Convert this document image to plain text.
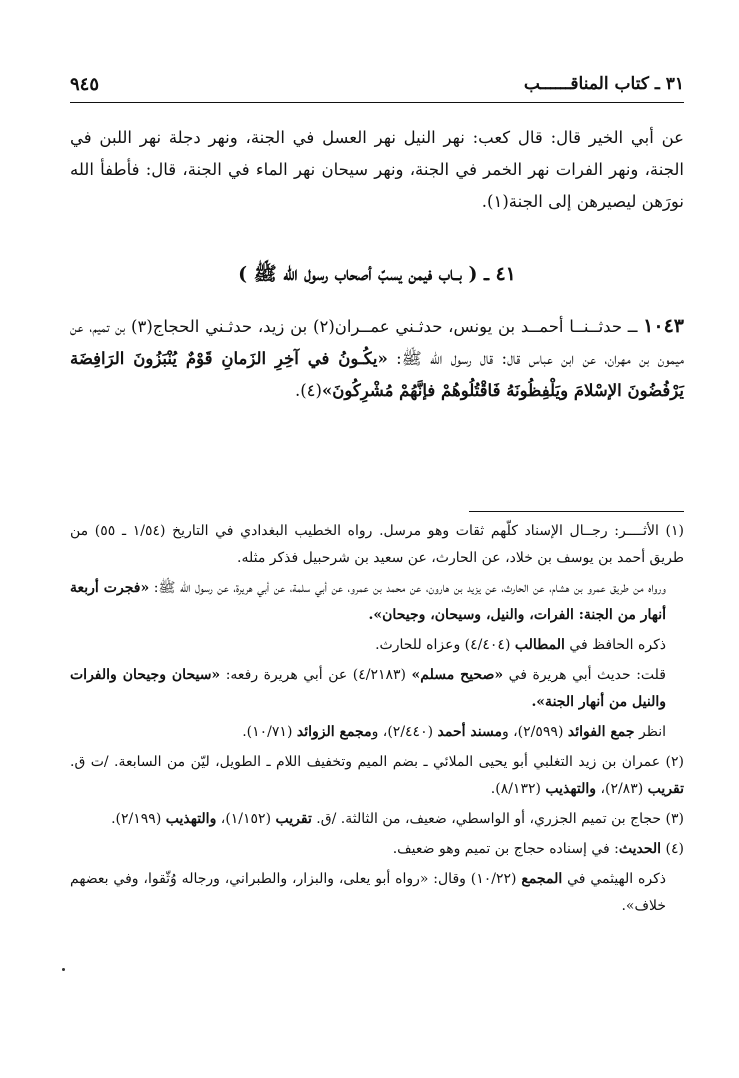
٣١ ـ كتاب المناقــــــب
٩٤٥
عن أبي الخير قال: قال كعب: نهر النيل نهر العسل في الجنة، ونهر دجلة نهر اللبن في الجنة، ونهر الفرات نهر الخمر في الجنة، ونهر سيحان نهر الماء في الجنة، قال: فأطفأ الله نورَهن ليصيرهن إلى الجنة(١).
٤١ ــ ( بــاب فيمن يسبّ أصحاب رسول الله ﷺ )
١٠٤٣ ــ حدثــنــا أحمــد بن يونس، حدثـني عمــران(٢) بن زيد، حدثـني الحجاج(٣) بن تميم، عن ميمون بن مهران، عن ابن عباس قال: قال رسول الله ﷺ: «يكُـونُ في آخِرِ الزَمانِ قَوْمٌ يُنْبَزُونَ الرَافِضَة يَرْفُضُونَ الإسْلامَ ويَلْفِظُونَهُ فَاقْتُلُوهُمْ فإنَّهُمْ مُشْرِكُونَ»(٤).

(١) الأثــــر: رجــال الإسناد كلّهم ثقات وهو مرسل. رواه الخطيب البغدادي في التاريخ (١/٥٤ ـ ٥٥) من طريق أحمد بن يوسف بن خلاد، عن الحارث، عن سعيد بن شرحبيل فذكر مثله.

ورواه من طريق عمرو بن هشام، عن الحارث، عن يزيد بن هارون، عن محمد بن عمرو، عن أبي سلمة، عن أبي هريرة، عن رسول الله ﷺ: «فجرت أربعة أنهار من الجنة: الفرات، والنيل، وسيحان، وجيحان».

ذكره الحافظ في المطالب (٤/٤٠٤) وعزاه للحارث.

قلت: حديث أبي هريرة في «صحيح مسلم» (٤/٢١٨٣) عن أبي هريرة رفعه: «سيحان وجيحان والفرات والنيل من أنهار الجنة».

انظر جمع الفوائد (٢/٥٩٩)، ومسند أحمد (٢/٤٤٠)، ومجمع الزوائد (١٠/٧١).

(٢) عمران بن زيد التغلبي أبو يحيى الملائي ـ بضم الميم وتخفيف اللام ـ الطويل، ليّن من السابعة. /ت ق. تقريب (٢/٨٣)، والتهذيب (٨/١٣٢).

(٣) حجاج بن تميم الجزري، أو الواسطي، ضعيف، من الثالثة. /ق. تقريب (١/١٥٢)، والتهذيب (٢/١٩٩).

(٤) الحديث: في إسناده حجاج بن تميم وهو ضعيف.

ذكره الهيثمي في المجمع (١٠/٢٢) وقال: «رواه أبو يعلى، والبزار، والطبراني، ورجاله وُثّقوا، وفي بعضهم خلاف».
